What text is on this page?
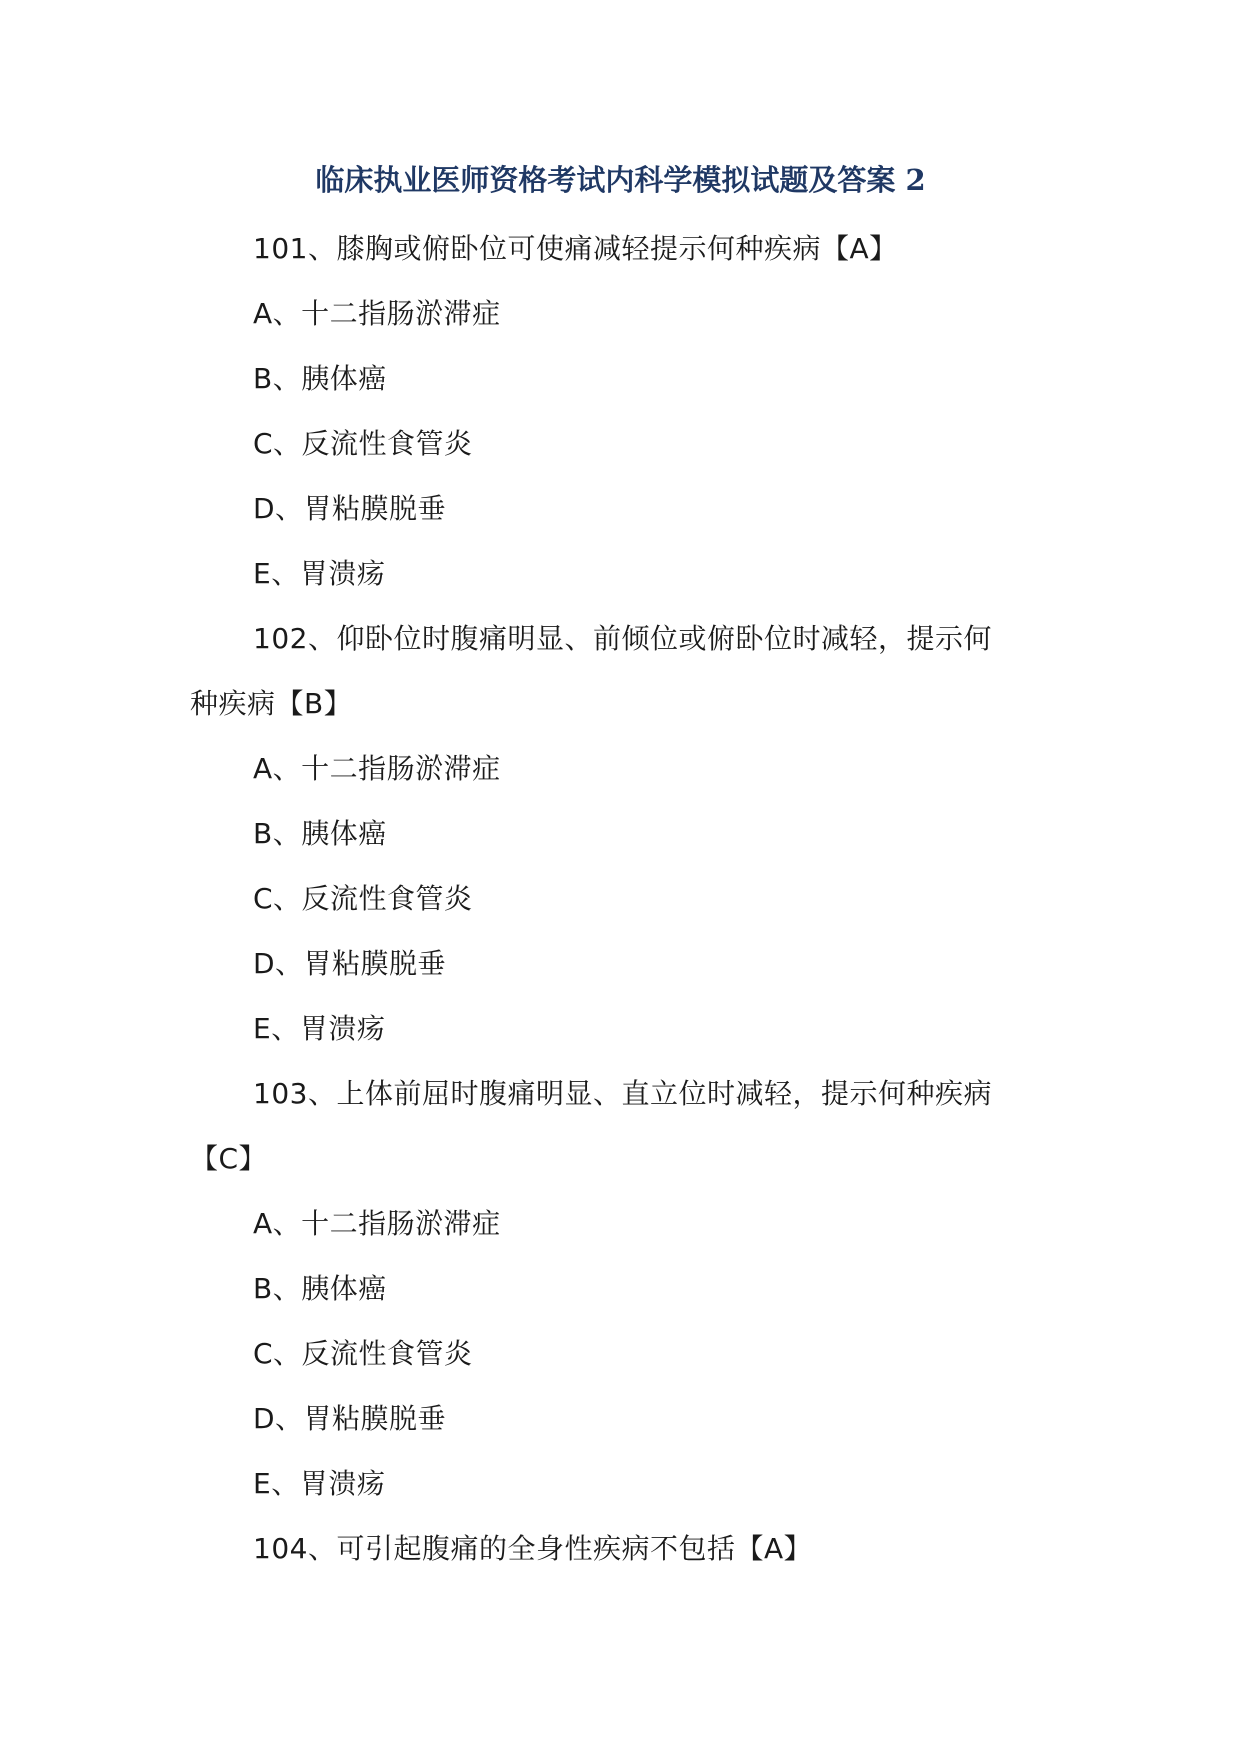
临床执业医师资格考试内科学模拟试题及答案 2
101、膝胸或俯卧位可使痛减轻提示何种疾病【A】
A、十二指肠淤滞症
B、胰体癌
C、反流性食管炎
D、胃粘膜脱垂
E、胃溃疡
102、仰卧位时腹痛明显、前倾位或俯卧位时减轻，提示何
种疾病【B】
A、十二指肠淤滞症
B、胰体癌
C、反流性食管炎
D、胃粘膜脱垂
E、胃溃疡
103、上体前屈时腹痛明显、直立位时减轻，提示何种疾病
【C】
A、十二指肠淤滞症
B、胰体癌
C、反流性食管炎
D、胃粘膜脱垂
E、胃溃疡
104、可引起腹痛的全身性疾病不包括【A】
